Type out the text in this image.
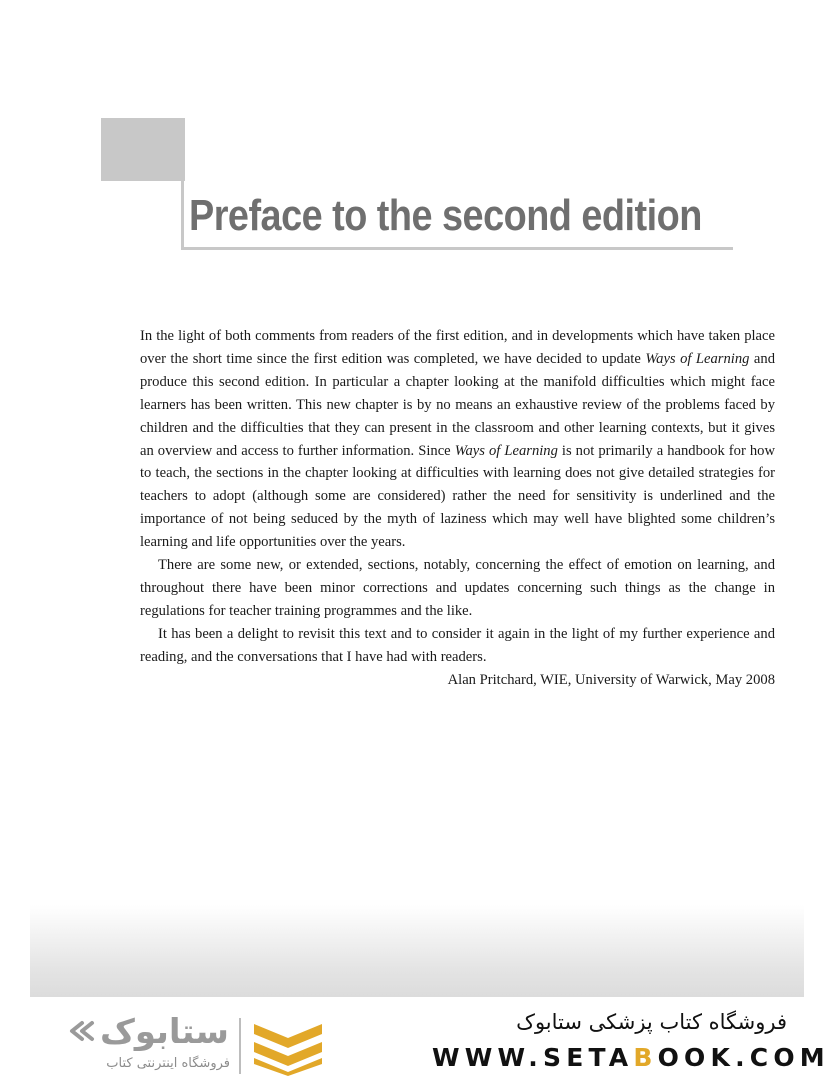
Preface to the second edition

In the light of both comments from readers of the first edition, and in developments which have taken place over the short time since the first edition was completed, we have decided to update Ways of Learning and produce this second edition. In particular a chapter looking at the manifold difficulties which might face learners has been written. This new chapter is by no means an exhaustive review of the problems faced by children and the difficulties that they can present in the classroom and other learning contexts, but it gives an overview and access to further information. Since Ways of Learning is not primarily a handbook for how to teach, the sections in the chapter looking at difficulties with learning does not give detailed strategies for teachers to adopt (although some are considered) rather the need for sensitivity is underlined and the importance of not being seduced by the myth of laziness which may well have blighted some children’s learning and life opportunities over the years.

There are some new, or extended, sections, notably, concerning the effect of emotion on learning, and throughout there have been minor corrections and updates concerning such things as the change in regulations for teacher training programmes and the like.

It has been a delight to revisit this text and to consider it again in the light of my further experience and reading, and the conversations that I have had with readers.

Alan Pritchard, WIE, University of Warwick, May 2008

ستابوک
فروشگاه اینترنتی کتاب
فروشگاه کتاب پزشکی ستابوک
WWW.SETABOOK.COM
